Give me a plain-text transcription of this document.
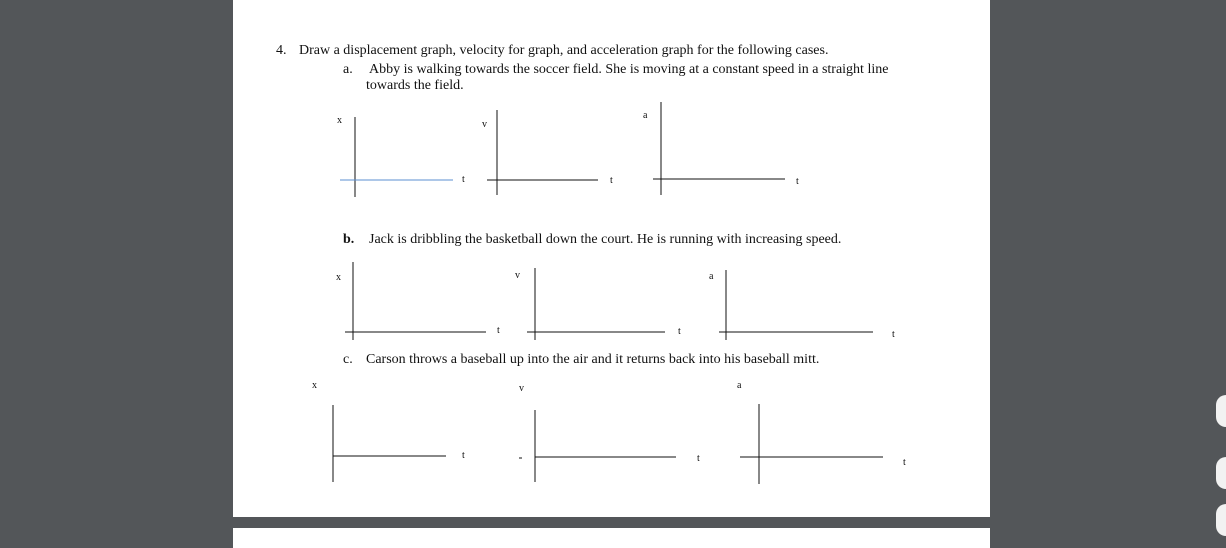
4. Draw a displacement graph, velocity for graph, and acceleration graph for the following cases.
a. Abby is walking towards the soccer field. She is moving at a constant speed in a straight line
towards the field.
b. Jack is dribbling the basketball down the court. He is running with increasing speed.
c. Carson throws a baseball up into the air and it returns back into his baseball mitt.
x
t
v
t
a
t
x
t
v
t
a
t
x
t
v
t
a
t
